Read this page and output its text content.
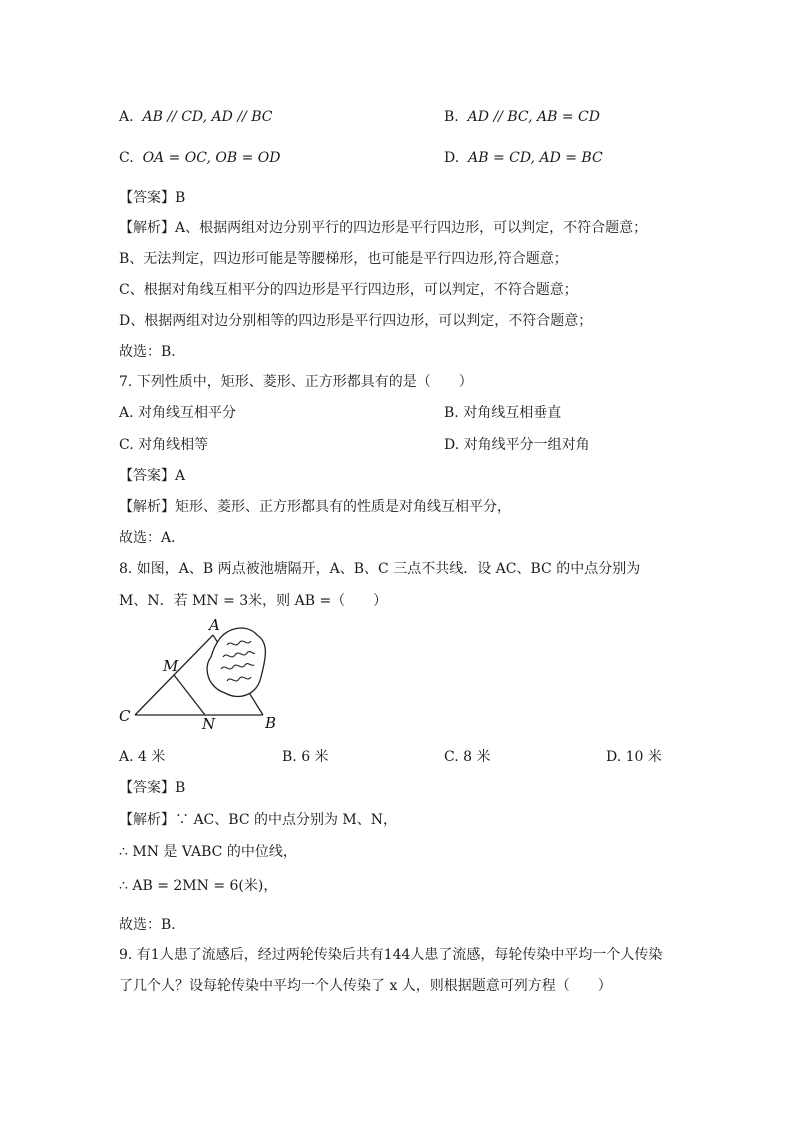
A. AB // CD, AD // BC	B. AD // BC, AB = CD
C. OA = OC, OB = OD	D. AB = CD, AD = BC
【答案】B
【解析】A、根据两组对边分别平行的四边形是平行四边形，可以判定，不符合题意；
B、无法判定，四边形可能是等腰梯形，也可能是平行四边形,符合题意；
C、根据对角线互相平分的四边形是平行四边形，可以判定，不符合题意；
D、根据两组对边分别相等的四边形是平行四边形，可以判定，不符合题意；
故选：B．
7. 下列性质中，矩形、菱形、正方形都具有的是（　　）
A. 对角线互相平分	B. 对角线互相垂直
C. 对角线相等	D. 对角线平分一组对角
【答案】A
【解析】矩形、菱形、正方形都具有的性质是对角线互相平分，
故选：A．
8. 如图，A、B 两点被池塘隔开，A、B、C 三点不共线．设 AC、BC 的中点分别为
M、N．若 MN = 3米，则 AB =（　　）
A
B
C
M
N
A. 4 米	B. 6 米	C. 8 米	D. 10 米
【答案】B
【解析】∵ AC、BC 的中点分别为 M、N，
∴ MN 是 VABC 的中位线，
∴ AB = 2MN = 6(米)，
故选：B．
9. 有1人患了流感后，经过两轮传染后共有144人患了流感，每轮传染中平均一个人传染
了几个人？设每轮传染中平均一个人传染了 x 人，则根据题意可列方程（　　）
